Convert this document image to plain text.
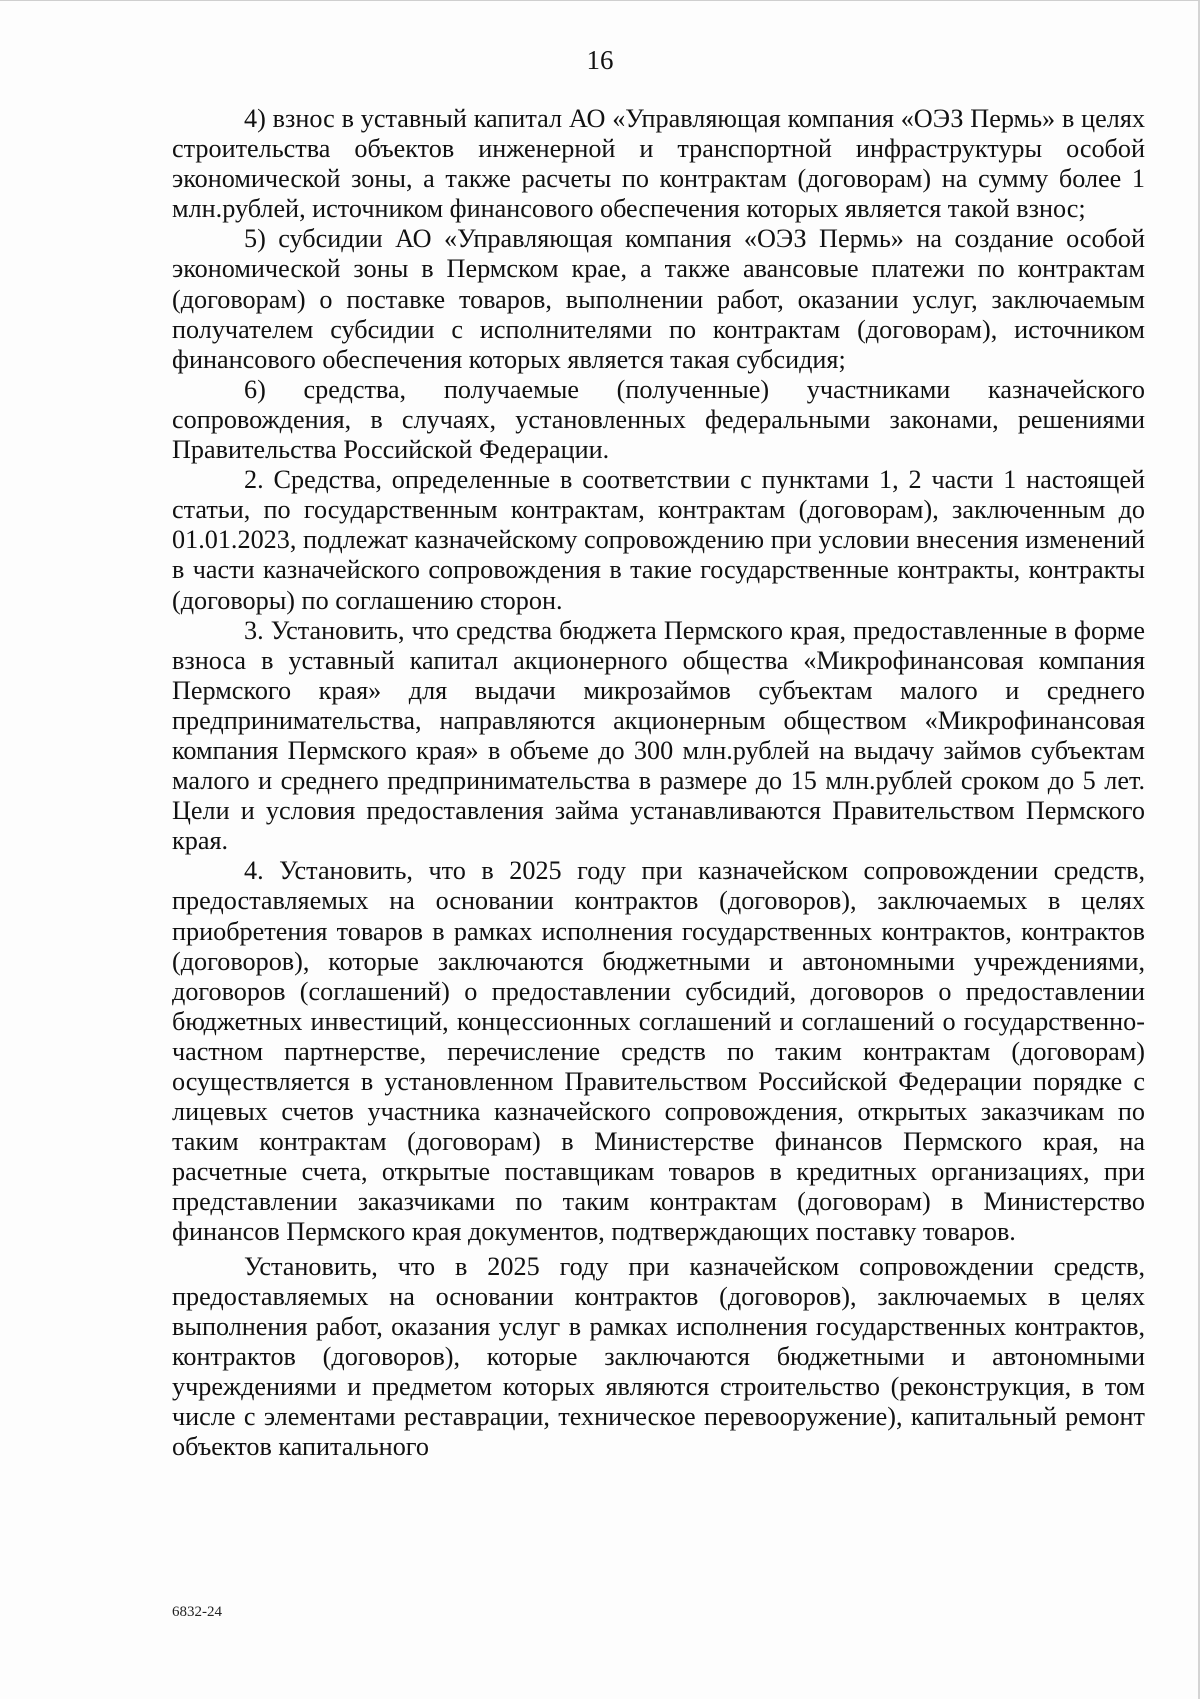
16

4) взнос в уставный капитал АО «Управляющая компания «ОЭЗ Пермь» в целях строительства объектов инженерной и транспортной инфраструктуры особой экономической зоны, а также расчеты по контрактам (договорам) на сумму более 1 млн.рублей, источником финансового обеспечения которых является такой взнос;

5) субсидии АО «Управляющая компания «ОЭЗ Пермь» на создание особой экономической зоны в Пермском крае, а также авансовые платежи по контрактам (договорам) о поставке товаров, выполнении работ, оказании услуг, заключаемым получателем субсидии с исполнителями по контрактам (договорам), источником финансового обеспечения которых является такая субсидия;

6) средства, получаемые (полученные) участниками казначейского сопровождения, в случаях, установленных федеральными законами, решениями Правительства Российской Федерации.

2. Средства, определенные в соответствии с пунктами 1, 2 части 1 настоящей статьи, по государственным контрактам, контрактам (договорам), заключенным до 01.01.2023, подлежат казначейскому сопровождению при условии внесения изменений в части казначейского сопровождения в такие государственные контракты, контракты (договоры) по соглашению сторон.

3. Установить, что средства бюджета Пермского края, предоставленные в форме взноса в уставный капитал акционерного общества «Микрофинансовая компания Пермского края» для выдачи микрозаймов субъектам малого и среднего предпринимательства, направляются акционерным обществом «Микрофинансовая компания Пермского края» в объеме до 300 млн.рублей на выдачу займов субъектам малого и среднего предпринимательства в размере до 15 млн.рублей сроком до 5 лет. Цели и условия предоставления займа устанавливаются Правительством Пермского края.

4. Установить, что в 2025 году при казначейском сопровождении средств, предоставляемых на основании контрактов (договоров), заключаемых в целях приобретения товаров в рамках исполнения государственных контрактов, контрактов (договоров), которые заключаются бюджетными и автономными учреждениями, договоров (соглашений) о предоставлении субсидий, договоров о предоставлении бюджетных инвестиций, концессионных соглашений и соглашений о государственно-частном партнерстве, перечисление средств по таким контрактам (договорам) осуществляется в установленном Правительством Российской Федерации порядке с лицевых счетов участника казначейского сопровождения, открытых заказчикам по таким контрактам (договорам) в Министерстве финансов Пермского края, на расчетные счета, открытые поставщикам товаров в кредитных организациях, при представлении заказчиками по таким контрактам (договорам) в Министерство финансов Пермского края документов, подтверждающих поставку товаров.

Установить, что в 2025 году при казначейском сопровождении средств, предоставляемых на основании контрактов (договоров), заключаемых в целях выполнения работ, оказания услуг в рамках исполнения государственных контрактов, контрактов (договоров), которые заключаются бюджетными и автономными учреждениями и предметом которых являются строительство (реконструкция, в том числе с элементами реставрации, техническое перевооружение), капитальный ремонт объектов капитального

6832-24
